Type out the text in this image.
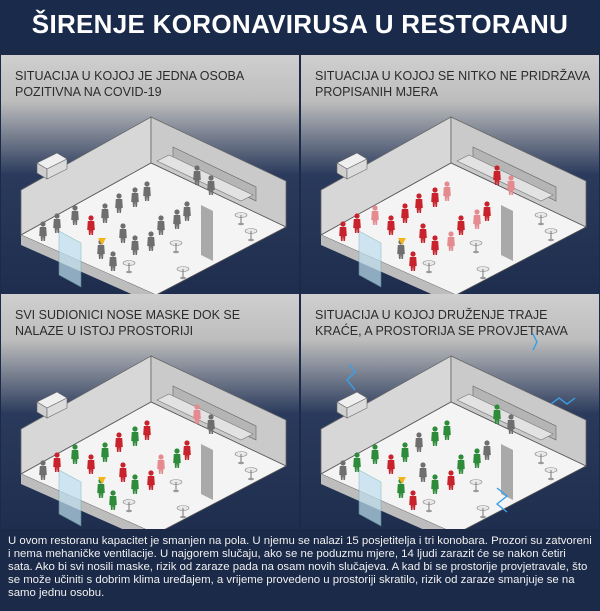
ŠIRENJE KORONAVIRUSA U RESTORANU
SITUACIJA U KOJOJ JE JEDNA OSOBA POZITIVNA NA COVID-19
SITUACIJA U KOJOJ SE NITKO NE PRIDRŽAVA PROPISANIH MJERA
SVI SUDIONICI NOSE MASKE DOK SE NALAZE U ISTOJ PROSTORIJI
SITUACIJA U KOJOJ DRUŽENJE TRAJE KRAĆE, A PROSTORIJA SE PROVJETRAVA

U ovom restoranu kapacitet je smanjen na pola. U njemu se nalazi 15 posjetitelja i tri konobara. Prozori su zatvoreni i nema mehaničke ventilacije. U najgorem slučaju, ako se ne poduzmu mjere, 14 ljudi zarazit će se nakon četiri sata. Ako bi svi nosili maske, rizik od zaraze pada na osam novih slučajeva. A kad bi se prostorije provjetravale, što se može učiniti s dobrim klima uređajem, a vrijeme provedeno u prostoriji skratilo, rizik od zaraze smanjuje se na samo jednu osobu.
